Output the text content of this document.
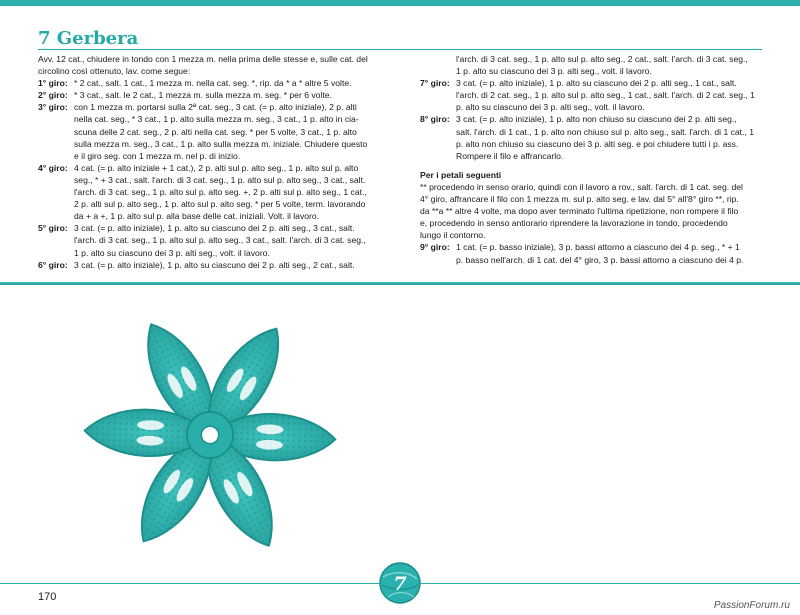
7 Gerbera

Avv. 12 cat., chiudere in tondo con 1 mezza m. nella prima delle stesse e, sulle cat. del circolino così ottenuto, lav. come segue:

1° giro: * 2 cat., salt. 1 cat., 1 mezza m. nella cat. seg. *, rip. da * a * altre 5 volte.
2° giro: * 3 cat., salt. le 2 cat., 1 mezza m. sulla mezza m. seg. * per 6 volte.
3° giro: con 1 mezza m. portarsi sulla 2ª cat. seg., 3 cat. (= p. alto iniziale), 2 p. alti
nella cat. seg., * 3 cat., 1 p. alto sulla mezza m. seg., 3 cat., 1 p. alto in cia-
scuna delle 2 cat. seg., 2 p. alti nella cat. seg. * per 5 volte, 3 cat., 1 p. alto
sulla mezza m. seg., 3 cat., 1 p. alto sulla mezza m. iniziale. Chiudere questo
e il giro seg. con 1 mezza m. nel p. di inizio.
4° giro: 4 cat. (= p. alto iniziale + 1 cat.), 2 p. alti sul p. alto seg., 1 p. alto sul p. alto
seg., * + 3 cat., salt. l'arch. di 3 cat. seg., 1 p. alto sul p. alto seg., 3 cat., salt.
l'arch. di 3 cat. seg., 1 p. alto sul p. alto seg. +, 2 p. alti sul p. alto seg., 1 cat.,
2 p. alti sul p. alto seg., 1 p. alto sul p. alto seg. * per 5 volte, term. lavorando
da + a +, 1 p. alto sul p. alla base delle cat. iniziali. Volt. il lavoro.
5° giro: 3 cat. (= p. alto iniziale), 1 p. alto su ciascuno dei 2 p. alti seg., 3 cat., salt.
l'arch. di 3 cat. seg., 1 p. alto sul p. alto seg., 3 cat., salt. l'arch. di 3 cat. seg.,
1 p. alto su ciascuno dei 3 p. alti seg., volt. il lavoro.
6° giro: 3 cat. (= p. alto iniziale), 1 p. alto su ciascuno dei 2 p. alti seg., 2 cat., salt.
l'arch. di 3 cat. seg., 1 p. alto sul p. alto seg., 2 cat., salt. l'arch. di 3 cat. seg.,
1 p. alto su ciascuno dei 3 p. alti seg., volt. il lavoro.
7° giro: 3 cat. (= p. alto iniziale), 1 p. alto su ciascuno dei 2 p. alti seg., 1 cat., salt.
l'arch. di 2 cat. seg., 1 p. alto sul p. alto seg., 1 cat., salt. l'arch. di 2 cat. seg., 1
p. alto su ciascuno dei 3 p. alti seg., volt. il lavoro.
8° giro: 3 cat. (= p. alto iniziale), 1 p. alto non chiuso su ciascuno dei 2 p. alti seg.,
salt. l'arch. di 1 cat., 1 p. alto non chiuso sul p. alto seg., salt. l'arch. di 1 cat., 1
p. alto non chiuso su ciascuno dei 3 p. alti seg. e poi chiudere tutti i p. ass.
Rompere il filo e affrancarlo.

Per i petali seguenti

** procedendo in senso orario, quindi con il lavoro a rov., salt. l'arch. di 1 cat. seg. del
4° giro, affrancare il filo con 1 mezza m. sul p. alto seg. e lav. dal 5° all'8° giro **, rip.
da **a ** altre 4 volte, ma dopo aver terminato l'ultima ripetizione, non rompere il filo
e, procedendo in senso antiorario riprendere la lavorazione in tondo, procedendo
lungo il contorno.
9° giro: 1 cat. (= p. basso iniziale), 3 p. bassi attorno a ciascuno dei 4 p. seg., * + 1
p. basso nell'arch. di 1 cat. del 4° giro, 3 p. bassi attorno a ciascuno dei 4 p.
7
170
PassionForum.ru
